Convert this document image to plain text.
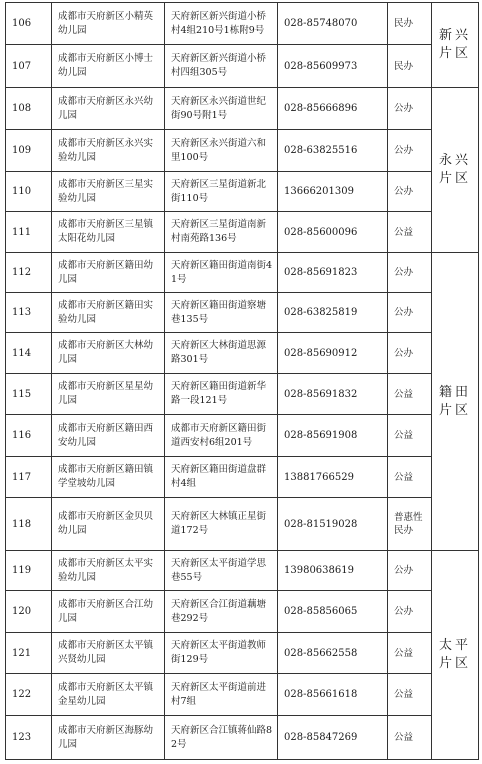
106	成都市天府新区小精英幼儿园	天府新区新兴街道小桥村4组210号1栋附9号	028-85748070	民办	新兴片区
107	成都市天府新区小博士幼儿园	天府新区新兴街道小桥村四组305号	028-85609973	民办	
108	成都市天府新区永兴幼儿园	天府新区永兴街道世纪街90号附1号	028-85666896	公办	永兴片区
109	成都市天府新区永兴实验幼儿园	天府新区永兴街道六和里100号	028-63825516	公办	
110	成都市天府新区三星实验幼儿园	天府新区三星街道新北街110号	13666201309	公办	
111	成都市天府新区三星镇太阳花幼儿园	天府新区三星街道南新村南苑路136号	028-85600096	公益	
112	成都市天府新区籍田幼儿园	天府新区籍田街道南街41号	028-85691823	公办	籍田片区
113	成都市天府新区籍田实验幼儿园	天府新区籍田街道察塘巷135号	028-63825819	公办	
114	成都市天府新区大林幼儿园	天府新区大林街道思源路301号	028-85690912	公办	
115	成都市天府新区星星幼儿园	天府新区籍田街道新华路一段121号	028-85691832	公益	
116	成都市天府新区籍田西安幼儿园	成都市天府新区籍田街道西安村6组201号	028-85691908	公益	
117	成都市天府新区籍田镇学堂坡幼儿园	天府新区籍田街道盘群村4组	13881766529	公益	
118	成都市天府新区金贝贝幼儿园	天府新区大林镇正星街道172号	028-81519028	普惠性民办	
119	成都市天府新区太平实验幼儿园	天府新区太平街道学思巷55号	13980638619	公办	太平片区
120	成都市天府新区合江幼儿园	天府新区合江街道藕塘巷292号	028-85856065	公办	
121	成都市天府新区太平镇兴贤幼儿园	天府新区太平街道教师街129号	028-85662558	公益	
122	成都市天府新区太平镇金星幼儿园	天府新区太平街道前进村7组	028-85661618	公益	
123	成都市天府新区海豚幼儿园	天府新区合江镇蒋仙路82号	028-85847269	公益	
